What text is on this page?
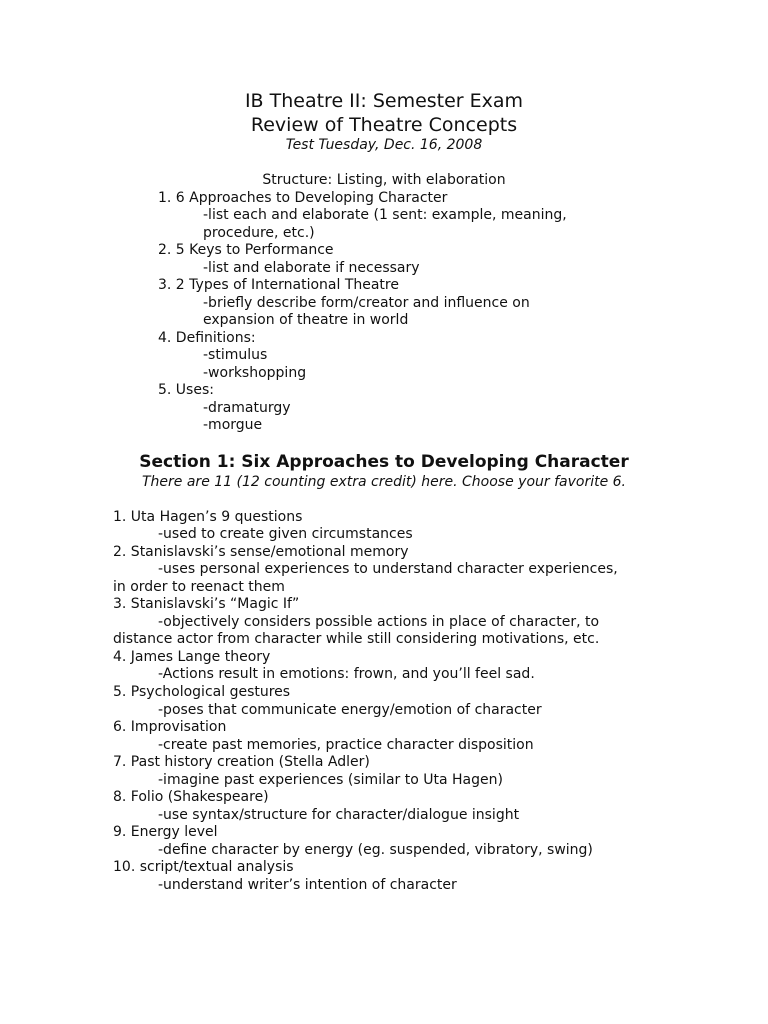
IB Theatre II: Semester Exam
Review of Theatre Concepts
Test Tuesday, Dec. 16, 2008
Structure: Listing, with elaboration
1. 6 Approaches to Developing Character
-list each and elaborate (1 sent: example, meaning,
procedure, etc.)
2. 5 Keys to Performance
-list and elaborate if necessary
3. 2 Types of International Theatre
-briefly describe form/creator and influence on
expansion of theatre in world
4. Definitions:
-stimulus
-workshopping
5. Uses:
-dramaturgy
-morgue
Section 1: Six Approaches to Developing Character
There are 11 (12 counting extra credit) here. Choose your favorite 6.
1. Uta Hagen’s 9 questions
-used to create given circumstances
2. Stanislavski’s sense/emotional memory
-uses personal experiences to understand character experiences,
in order to reenact them
3. Stanislavski’s “Magic If”
-objectively considers possible actions in place of character, to
distance actor from character while still considering motivations, etc.
4. James Lange theory
-Actions result in emotions: frown, and you’ll feel sad.
5. Psychological gestures
-poses that communicate energy/emotion of character
6. Improvisation
-create past memories, practice character disposition
7. Past history creation (Stella Adler)
-imagine past experiences (similar to Uta Hagen)
8. Folio (Shakespeare)
-use syntax/structure for character/dialogue insight
9. Energy level
-define character by energy (eg. suspended, vibratory, swing)
10. script/textual analysis
-understand writer’s intention of character
